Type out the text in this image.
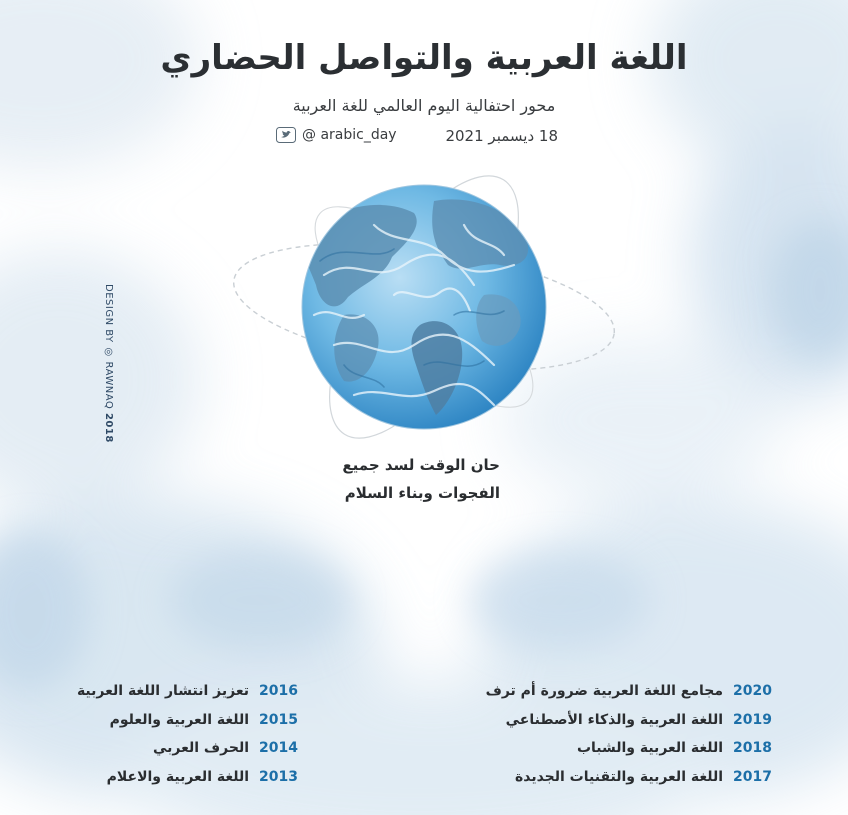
اللغة العربية والتواصل الحضاري
محور احتفالية اليوم العالمي للغة العربية
18 ديسمبر 2021
@ arabic_day
حان الوقت لسد جميع
الفجوات وبناء السلام
DESIGN BY ◎ RAWNAQ 2018
2020
مجامع اللغة العربية ضرورة أم ترف
2019
اللغة العربية والذكاء الأصطناعي
2018
اللغة العربية والشباب
2017
اللغة العربية والتقنيات الجديدة
2016
تعزيز انتشار اللغة العربية
2015
اللغة العربية والعلوم
2014
الحرف العربي
2013
اللغة العربية والاعلام
